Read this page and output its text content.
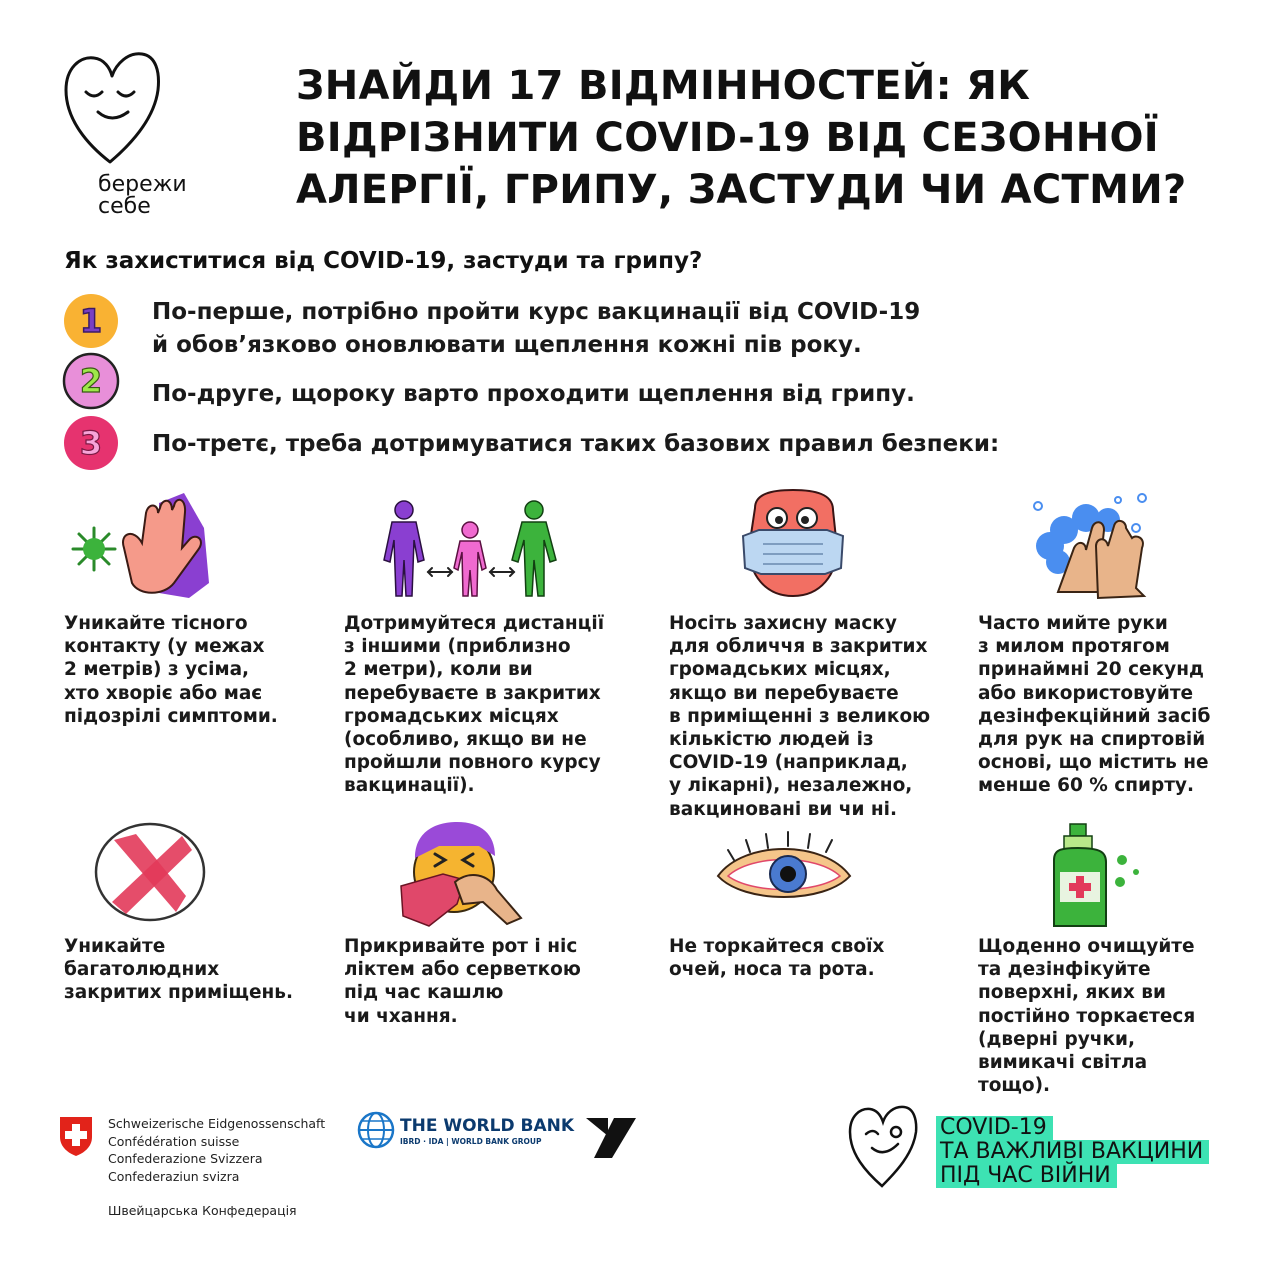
бережи
себе
ЗНАЙДИ 17 ВІДМІННОСТЕЙ: ЯК
ВІДРІЗНИТИ COVID-19 ВІД СЕЗОННОЇ
АЛЕРГІЇ, ГРИПУ, ЗАСТУДИ ЧИ АСТМИ?
Як захиститися від COVID-19, застуди та грипу?
1 По-перше, потрібно пройти курс вакцинації від COVID-19
й обов’язково оновлювати щеплення кожні пів року.
2 По-друге, щороку варто проходити щеплення від грипу.
3 По-третє, треба дотримуватися таких базових правил безпеки:
Уникайте тісного
контакту (у межах
2 метрів) з усіма,
хто хворіє або має
підозрілі симптоми.
Дотримуйтеся дистанції
з іншими (приблизно
2 метри), коли ви
перебуваєте в закритих
громадських місцях
(особливо, якщо ви не
пройшли повного курсу
вакцинації).
Носіть захисну маску
для обличчя в закритих
громадських місцях,
якщо ви перебуваєте
в приміщенні з великою
кількістю людей із
COVID-19 (наприклад,
у лікарні), незалежно,
вакциновані ви чи ні.
Часто мийте руки
з милом протягом
принаймні 20 секунд
або використовуйте
дезінфекційний засіб
для рук на спиртовій
основі, що містить не
менше 60 % спирту.
Уникайте
багатолюдних
закритих приміщень.
Прикривайте рот і ніс
ліктем або серветкою
під час кашлю
чи чхання.
Не торкайтеся своїх
очей, носа та рота.
Щоденно очищуйте
та дезінфікуйте
поверхні, яких ви
постійно торкаєтеся
(дверні ручки,
вимикачі світла
тощо).
Schweizerische Eidgenossenschaft
Confédération suisse
Confederazione Svizzera
Confederaziun svizra
Швейцарська Конфедерація
THE WORLD BANK
IBRD · IDA | WORLD BANK GROUP
COVID-19
ТА ВАЖЛИВІ ВАКЦИНИ
ПІД ЧАС ВІЙНИ
